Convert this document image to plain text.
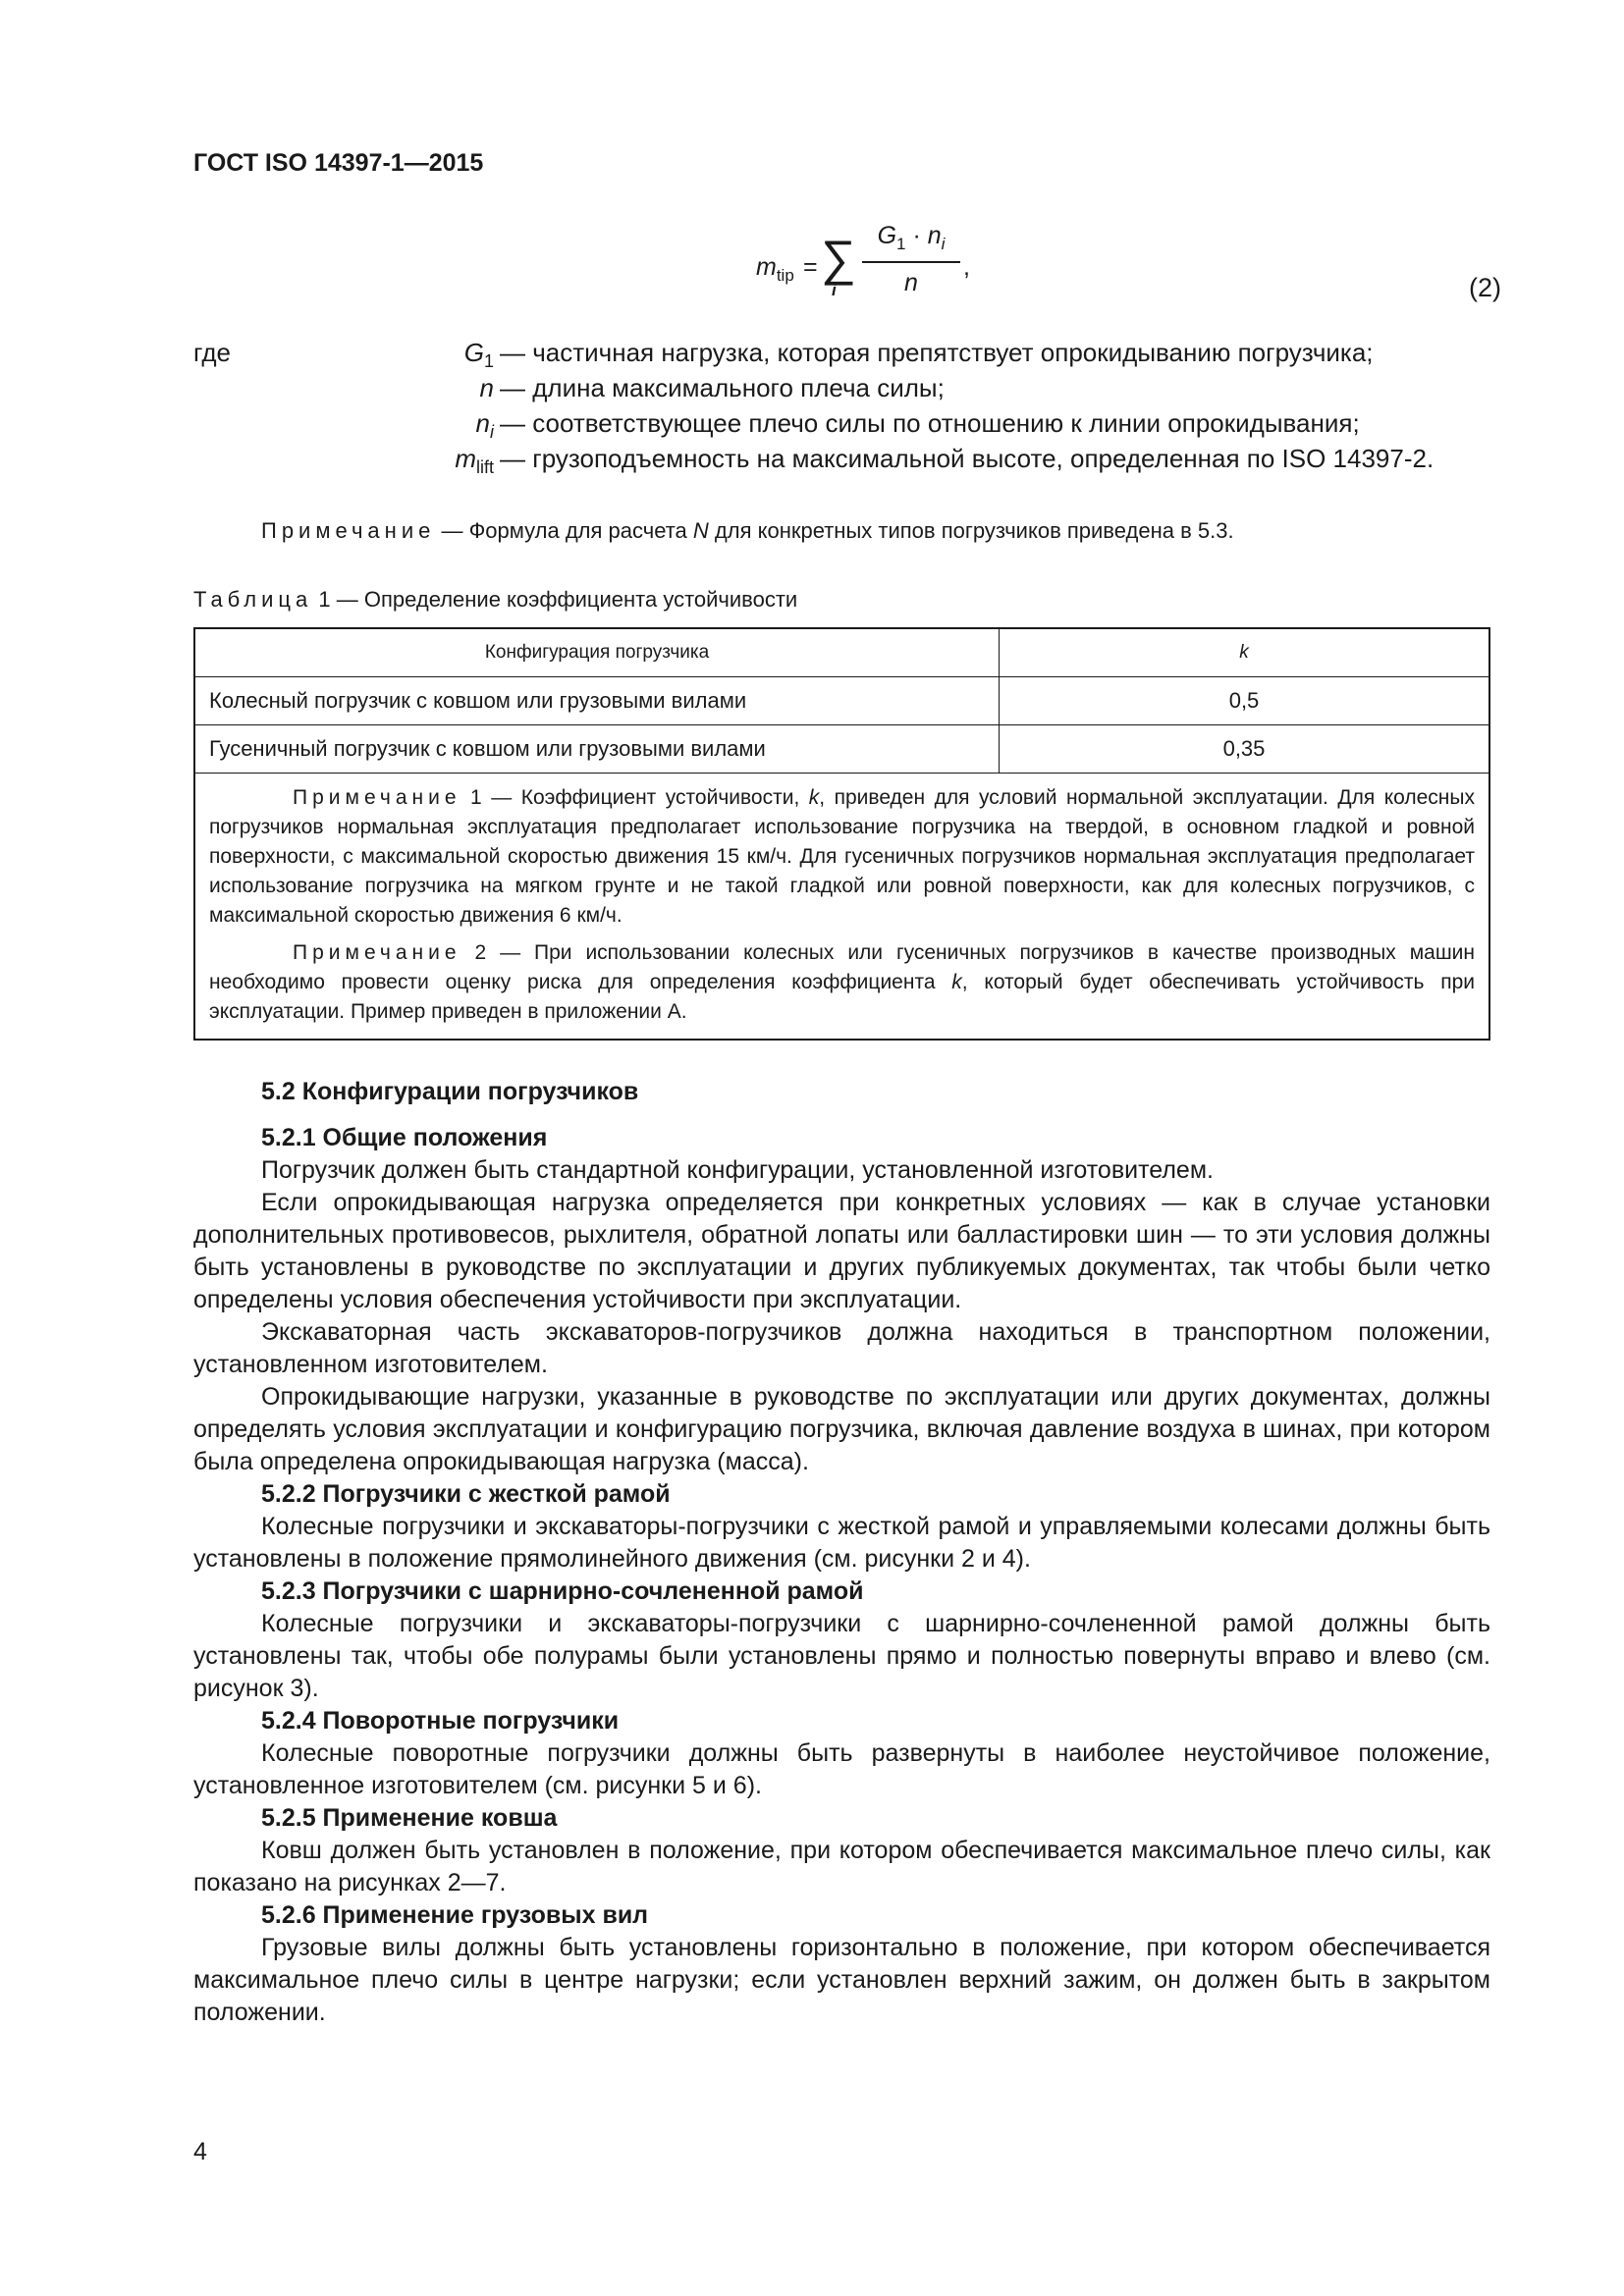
ГОСТ ISO 14397-1—2015
$m_{tip}$ = ∑
i
$G_1 \cdot n_i$
n
,
(2)
где	$G_1$ — частичная нагрузка, которая препятствует опрокидыванию погрузчика;
n — длина максимального плеча силы;
$n_i$ — соответствующее плечо силы по отношению к линии опрокидывания;
$m_{lift}$ — грузоподъемность на максимальной высоте, определенная по ISO 14397-2.
Примечание — Формула для расчета N для конкретных типов погрузчиков приведена в 5.3.
Таблица 1 — Определение коэффициента устойчивости
Конфигурация погрузчика	k
Колесный погрузчик с ковшом или грузовыми вилами	0,5
Гусеничный погрузчик с ковшом или грузовыми вилами	0,35

Примечание 1 — Коэффициент устойчивости, k, приведен для условий нормальной эксплуатации. Для колесных погрузчиков нормальная эксплуатация предполагает использование погрузчика на твердой, в основном гладкой и ровной поверхности, с максимальной скоростью движения 15 км/ч. Для гусеничных погрузчиков нормальная эксплуатация предполагает использование погрузчика на мягком грунте и не такой гладкой или ровной поверхности, как для колесных погрузчиков, с максимальной скоростью движения 6 км/ч.

Примечание 2 — При использовании колесных или гусеничных погрузчиков в качестве производных машин необходимо провести оценку риска для определения коэффициента k, который будет обеспечивать устойчивость при эксплуатации. Пример приведен в приложении А.	

5.2 Конфигурации погрузчиков
5.2.1 Общие положения

Погрузчик должен быть стандартной конфигурации, установленной изготовителем.

Если опрокидывающая нагрузка определяется при конкретных условиях — как в случае установки дополнительных противовесов, рыхлителя, обратной лопаты или балластировки шин — то эти условия должны быть установлены в руководстве по эксплуатации и других публикуемых документах, так чтобы были четко определены условия обеспечения устойчивости при эксплуатации.

Экскаваторная часть экскаваторов-погрузчиков должна находиться в транспортном положении, установленном изготовителем.

Опрокидывающие нагрузки, указанные в руководстве по эксплуатации или других документах, должны определять условия эксплуатации и конфигурацию погрузчика, включая давление воздуха в шинах, при котором была определена опрокидывающая нагрузка (масса).

5.2.2 Погрузчики с жесткой рамой

Колесные погрузчики и экскаваторы-погрузчики с жесткой рамой и управляемыми колесами должны быть установлены в положение прямолинейного движения (см. рисунки 2 и 4).

5.2.3 Погрузчики с шарнирно-сочлененной рамой

Колесные погрузчики и экскаваторы-погрузчики с шарнирно-сочлененной рамой должны быть установлены так, чтобы обе полурамы были установлены прямо и полностью повернуты вправо и влево (см. рисунок 3).

5.2.4 Поворотные погрузчики

Колесные поворотные погрузчики должны быть развернуты в наиболее неустойчивое положение, установленное изготовителем (см. рисунки 5 и 6).

5.2.5 Применение ковша

Ковш должен быть установлен в положение, при котором обеспечивается максимальное плечо силы, как показано на рисунках 2—7.

5.2.6 Применение грузовых вил

Грузовые вилы должны быть установлены горизонтально в положение, при котором обеспечивается максимальное плечо силы в центре нагрузки; если установлен верхний зажим, он должен быть в закрытом положении.

4
